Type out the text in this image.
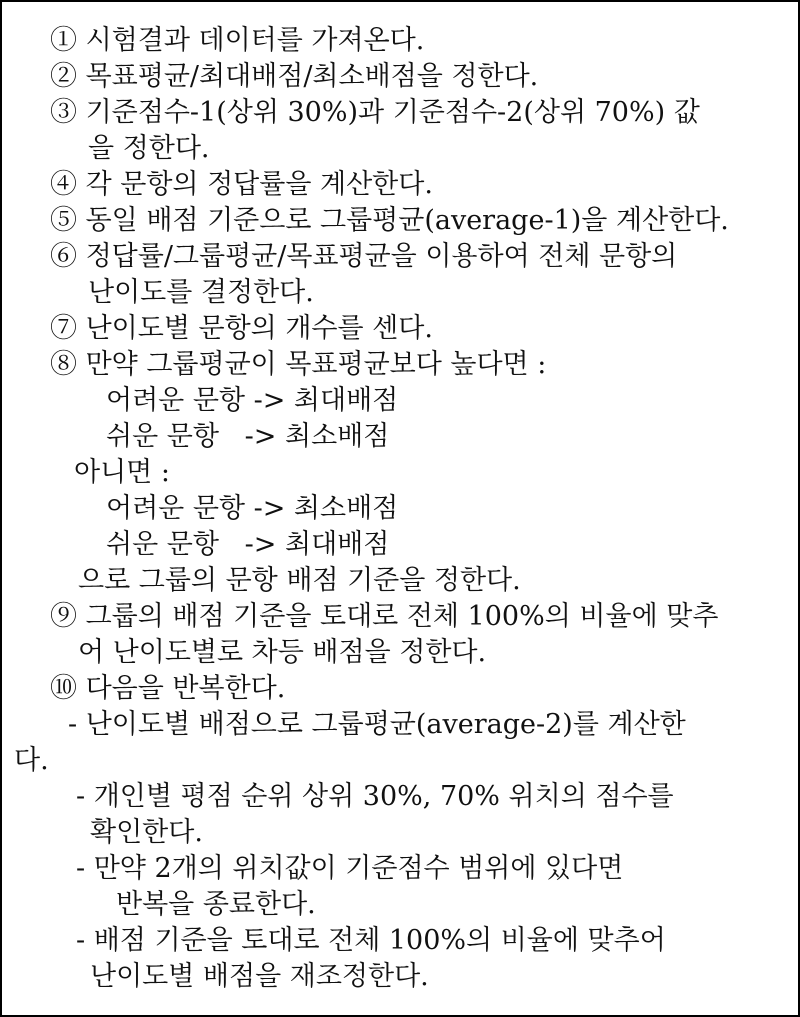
① 시험결과 데이터를 가져온다.
② 목표평균/최대배점/최소배점을 정한다.
③ 기준점수-1(상위 30%)과 기준점수-2(상위 70%) 값
을 정한다.
④ 각 문항의 정답률을 계산한다.
⑤ 동일 배점 기준으로 그룹평균(average-1)을 계산한다.
⑥ 정답률/그룹평균/목표평균을 이용하여 전체 문항의
난이도를 결정한다.
⑦ 난이도별 문항의 개수를 센다.
⑧ 만약 그룹평균이 목표평균보다 높다면 :
어려운 문항 -> 최대배점
쉬운 문항   -> 최소배점
아니면 :
어려운 문항 -> 최소배점
쉬운 문항   -> 최대배점
으로 그룹의 문항 배점 기준을 정한다.
⑨ 그룹의 배점 기준을 토대로 전체 100%의 비율에 맞추
어 난이도별로 차등 배점을 정한다.
⑩ 다음을 반복한다.
- 난이도별 배점으로 그룹평균(average-2)를 계산한
다.
- 개인별 평점 순위 상위 30%, 70% 위치의 점수를
확인한다.
- 만약 2개의 위치값이 기준점수 범위에 있다면
반복을 종료한다.
- 배점 기준을 토대로 전체 100%의 비율에 맞추어
난이도별 배점을 재조정한다.
